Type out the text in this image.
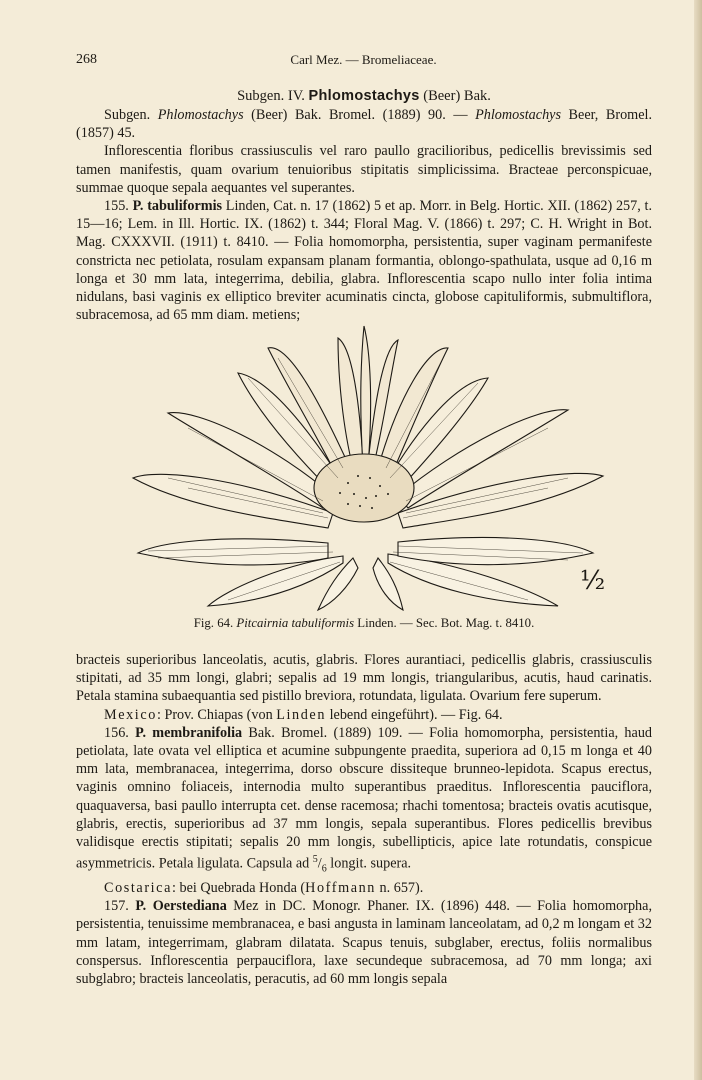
268	Carl Mez. — Bromeliaceae.
Subgen. IV. Phlomostachys (Beer) Bak.

Subgen. Phlomostachys (Beer) Bak. Bromel. (1889) 90. — Phlomostachys Beer, Bromel. (1857) 45.

Inflorescentia floribus crassiusculis vel raro paullo gracilioribus, pedicellis brevissimis sed tamen manifestis, quam ovarium tenuioribus stipitatis simplicissima. Bracteae perconspicuae, summae quoque sepala aequantes vel superantes.

155. P. tabuliformis Linden, Cat. n. 17 (1862) 5 et ap. Morr. in Belg. Hortic. XII. (1862) 257, t. 15—16; Lem. in Ill. Hortic. IX. (1862) t. 344; Floral Mag. V. (1866) t. 297; C. H. Wright in Bot. Mag. CXXXVII. (1911) t. 8410. — Folia homomorpha, persistentia, super vaginam permanifeste constricta nec petiolata, rosulam expansam planam formantia, oblongo-spathulata, usque ad 0,16 m longa et 30 mm lata, integerrima, debilia, glabra. Inflorescentia scapo nullo inter folia intima nidulans, basi vaginis ex elliptico breviter acuminatis cincta, globose capituliformis, submultiflora, subracemosa, ad 65 mm diam. metiens;

½
Fig. 64. Pitcairnia tabuliformis Linden. — Sec. Bot. Mag. t. 8410.

bracteis superioribus lanceolatis, acutis, glabris. Flores aurantiaci, pedicellis glabris, crassiusculis stipitati, ad 35 mm longi, glabri; sepalis ad 19 mm longis, triangularibus, acutis, haud carinatis. Petala stamina subaequantia sed pistillo breviora, rotundata, ligulata. Ovarium fere superum.

Mexico: Prov. Chiapas (von Linden lebend eingeführt). — Fig. 64.

156. P. membranifolia Bak. Bromel. (1889) 109. — Folia homomorpha, persistentia, haud petiolata, late ovata vel elliptica et acumine subpungente praedita, superiora ad 0,15 m longa et 40 mm lata, membranacea, integerrima, dorso obscure dissiteque brunneo-lepidota. Scapus erectus, vaginis omnino foliaceis, internodia multo superantibus praeditus. Inflorescentia pauciflora, quaquaversa, basi paullo interrupta cet. dense racemosa; rhachi tomentosa; bracteis ovatis acutisque, glabris, erectis, superioribus ad 37 mm longis, sepala superantibus. Flores pedicellis brevibus validisque erectis stipitati; sepalis 20 mm longis, subellipticis, apice late rotundatis, conspicue asymmetricis. Petala ligulata. Capsula ad $^5/_6$ longit. supera.

Costarica: bei Quebrada Honda (Hoffmann n. 657).

157. P. Oerstediana Mez in DC. Monogr. Phaner. IX. (1896) 448. — Folia homomorpha, persistentia, tenuissime membranacea, e basi angusta in laminam lanceolatam, ad 0,2 m longam et 32 mm latam, integerrimam, glabram dilatata. Scapus tenuis, subglaber, erectus, foliis normalibus conspersus. Inflorescentia perpauciflora, laxe secundeque subracemosa, ad 70 mm longa; axi subglabro; bracteis lanceolatis, peracutis, ad 60 mm longis sepala
